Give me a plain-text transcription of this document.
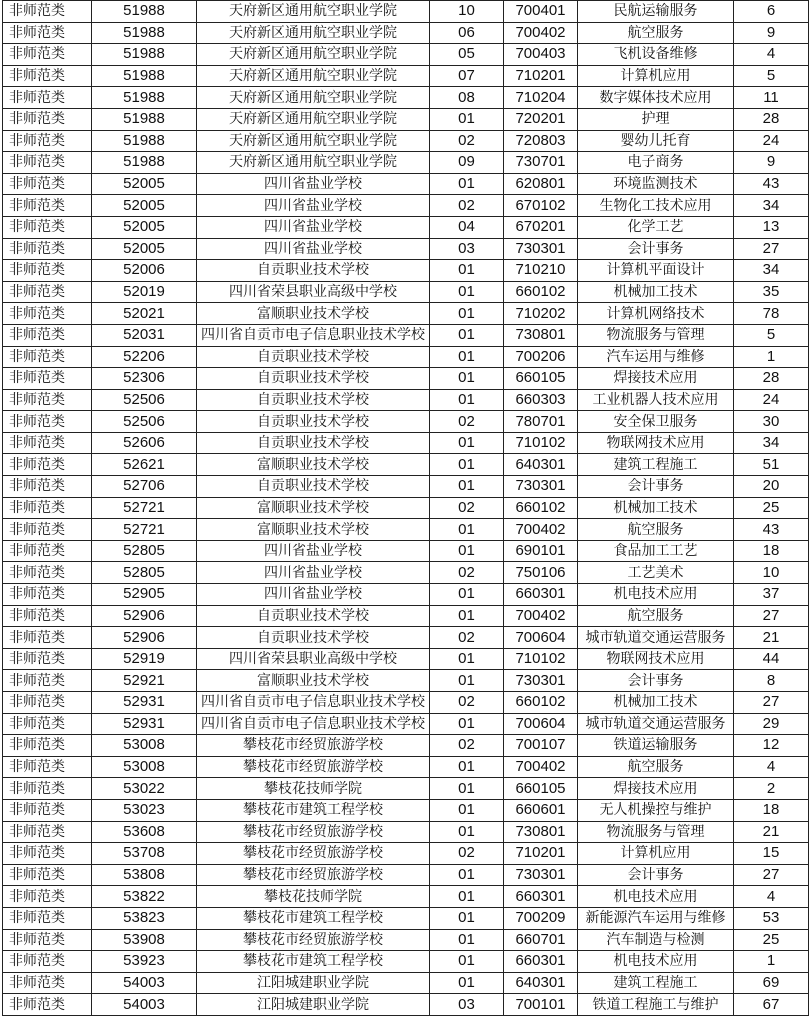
非师范类	51988	天府新区通用航空职业学院	10	700401	民航运输服务	6
非师范类	51988	天府新区通用航空职业学院	06	700402	航空服务	9
非师范类	51988	天府新区通用航空职业学院	05	700403	飞机设备维修	4
非师范类	51988	天府新区通用航空职业学院	07	710201	计算机应用	5
非师范类	51988	天府新区通用航空职业学院	08	710204	数字媒体技术应用	11
非师范类	51988	天府新区通用航空职业学院	01	720201	护理	28
非师范类	51988	天府新区通用航空职业学院	02	720803	婴幼儿托育	24
非师范类	51988	天府新区通用航空职业学院	09	730701	电子商务	9
非师范类	52005	四川省盐业学校	01	620801	环境监测技术	43
非师范类	52005	四川省盐业学校	02	670102	生物化工技术应用	34
非师范类	52005	四川省盐业学校	04	670201	化学工艺	13
非师范类	52005	四川省盐业学校	03	730301	会计事务	27
非师范类	52006	自贡职业技术学校	01	710210	计算机平面设计	34
非师范类	52019	四川省荣县职业高级中学校	01	660102	机械加工技术	35
非师范类	52021	富顺职业技术学校	01	710202	计算机网络技术	78
非师范类	52031	四川省自贡市电子信息职业技术学校	01	730801	物流服务与管理	5
非师范类	52206	自贡职业技术学校	01	700206	汽车运用与维修	1
非师范类	52306	自贡职业技术学校	01	660105	焊接技术应用	28
非师范类	52506	自贡职业技术学校	01	660303	工业机器人技术应用	24
非师范类	52506	自贡职业技术学校	02	780701	安全保卫服务	30
非师范类	52606	自贡职业技术学校	01	710102	物联网技术应用	34
非师范类	52621	富顺职业技术学校	01	640301	建筑工程施工	51
非师范类	52706	自贡职业技术学校	01	730301	会计事务	20
非师范类	52721	富顺职业技术学校	02	660102	机械加工技术	25
非师范类	52721	富顺职业技术学校	01	700402	航空服务	43
非师范类	52805	四川省盐业学校	01	690101	食品加工工艺	18
非师范类	52805	四川省盐业学校	02	750106	工艺美术	10
非师范类	52905	四川省盐业学校	01	660301	机电技术应用	37
非师范类	52906	自贡职业技术学校	01	700402	航空服务	27
非师范类	52906	自贡职业技术学校	02	700604	城市轨道交通运营服务	21
非师范类	52919	四川省荣县职业高级中学校	01	710102	物联网技术应用	44
非师范类	52921	富顺职业技术学校	01	730301	会计事务	8
非师范类	52931	四川省自贡市电子信息职业技术学校	02	660102	机械加工技术	27
非师范类	52931	四川省自贡市电子信息职业技术学校	01	700604	城市轨道交通运营服务	29
非师范类	53008	攀枝花市经贸旅游学校	02	700107	铁道运输服务	12
非师范类	53008	攀枝花市经贸旅游学校	01	700402	航空服务	4
非师范类	53022	攀枝花技师学院	01	660105	焊接技术应用	2
非师范类	53023	攀枝花市建筑工程学校	01	660601	无人机操控与维护	18
非师范类	53608	攀枝花市经贸旅游学校	01	730801	物流服务与管理	21
非师范类	53708	攀枝花市经贸旅游学校	02	710201	计算机应用	15
非师范类	53808	攀枝花市经贸旅游学校	01	730301	会计事务	27
非师范类	53822	攀枝花技师学院	01	660301	机电技术应用	4
非师范类	53823	攀枝花市建筑工程学校	01	700209	新能源汽车运用与维修	53
非师范类	53908	攀枝花市经贸旅游学校	01	660701	汽车制造与检测	25
非师范类	53923	攀枝花市建筑工程学校	01	660301	机电技术应用	1
非师范类	54003	江阳城建职业学院	01	640301	建筑工程施工	69
非师范类	54003	江阳城建职业学院	03	700101	铁道工程施工与维护	67
